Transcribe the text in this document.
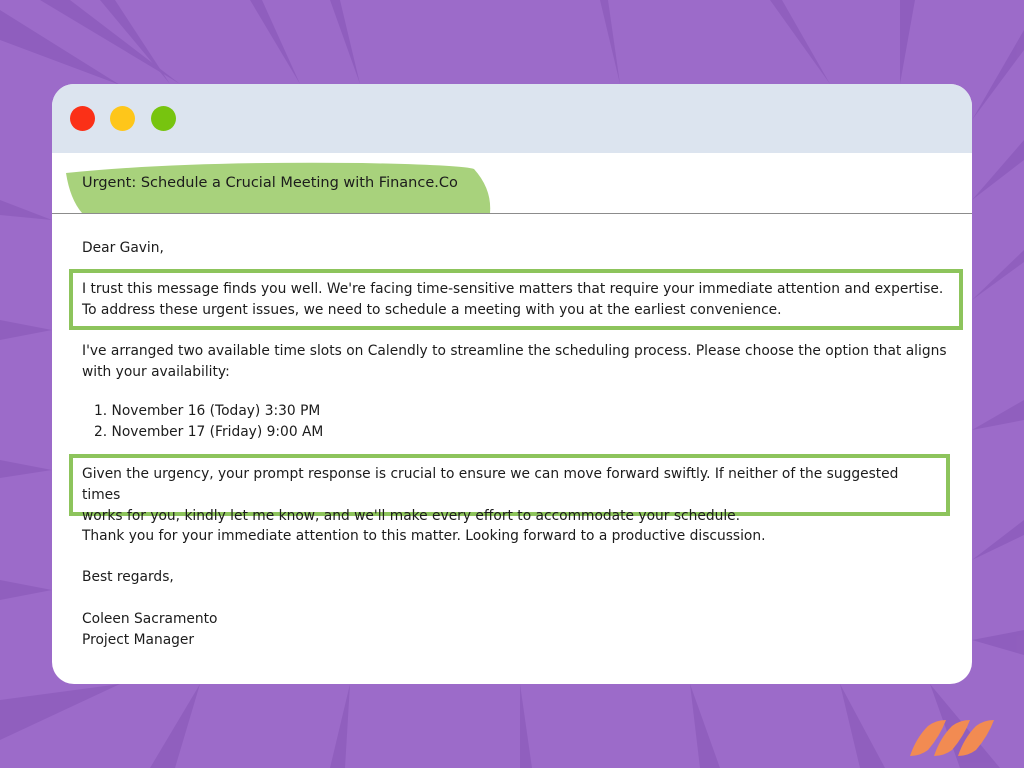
Urgent: Schedule a Crucial Meeting with Finance.Co

Dear Gavin,

I trust this message finds you well. We're facing time-sensitive matters that require your immediate attention and expertise.

To address these urgent issues, we need to schedule a meeting with you at the earliest convenience.

I've arranged two available time slots on Calendly to streamline the scheduling process. Please choose the option that aligns

with your availability:

1. November 16 (Today) 3:30 PM
2. November 17 (Friday) 9:00 AM

Given the urgency, your prompt response is crucial to ensure we can move forward swiftly. If neither of the suggested times

works for you, kindly let me know, and we'll make every effort to accommodate your schedule.

Thank you for your immediate attention to this matter. Looking forward to a productive discussion.

Best regards,

Coleen Sacramento

Project Manager
